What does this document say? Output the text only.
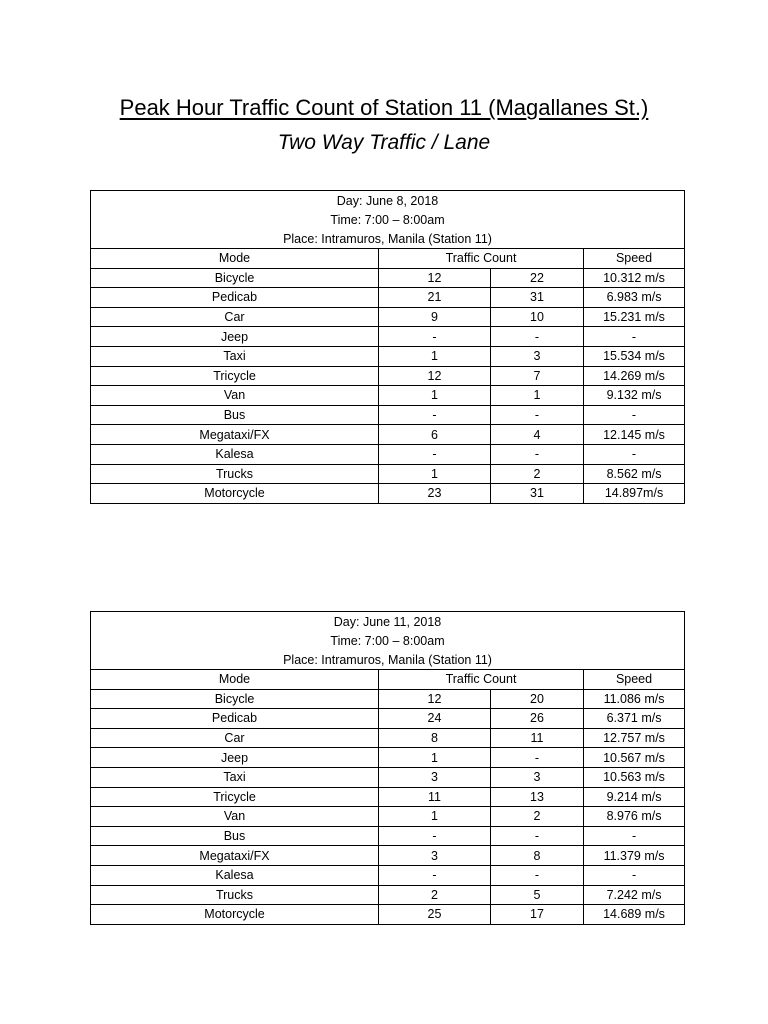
Peak Hour Traffic Count of Station 11 (Magallanes St.)
Two Way Traffic / Lane
Day: June 8, 2018			
Time: 7:00 – 8:00am			
Place: Intramuros, Manila (Station 11)			
Mode	Traffic Count		Speed
Bicycle	12	22	10.312 m/s
Pedicab	21	31	6.983 m/s
Car	9	10	15.231 m/s
Jeep	-	-	-
Taxi	1	3	15.534 m/s
Tricycle	12	7	14.269 m/s
Van	1	1	9.132 m/s
Bus	-	-	-
Megataxi/FX	6	4	12.145 m/s
Kalesa	-	-	-
Trucks	1	2	8.562 m/s
Motorcycle	23	31	14.897m/s
Day: June 11, 2018			
Time: 7:00 – 8:00am			
Place: Intramuros, Manila (Station 11)			
Mode	Traffic Count		Speed
Bicycle	12	20	11.086 m/s
Pedicab	24	26	6.371 m/s
Car	8	11	12.757 m/s
Jeep	1	-	10.567 m/s
Taxi	3	3	10.563 m/s
Tricycle	11	13	9.214 m/s
Van	1	2	8.976 m/s
Bus	-	-	-
Megataxi/FX	3	8	11.379 m/s
Kalesa	-	-	-
Trucks	2	5	7.242 m/s
Motorcycle	25	17	14.689 m/s
